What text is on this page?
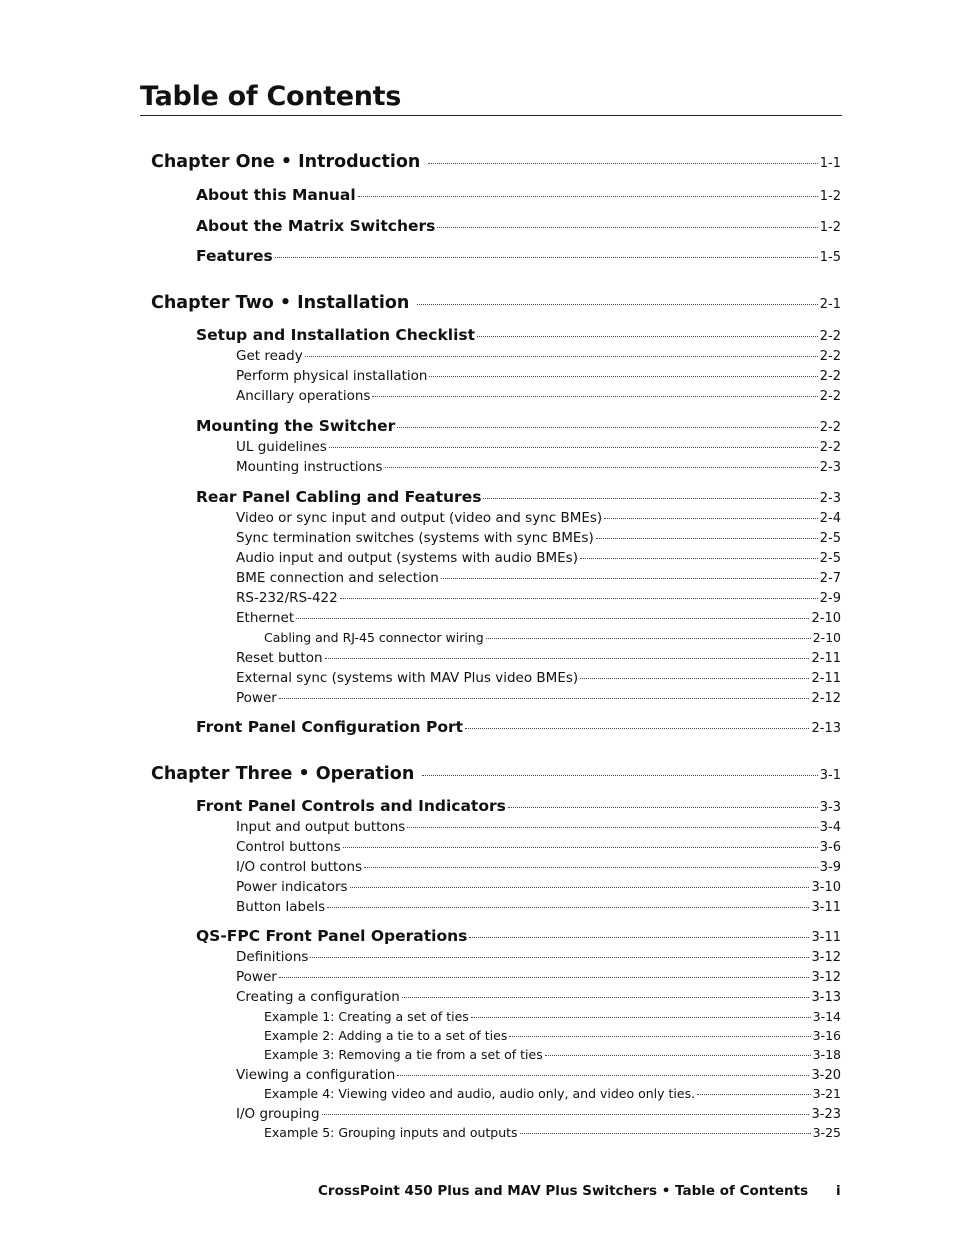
Table of Contents
Chapter One • Introduction	1-1
About this Manual	1-2
About the Matrix Switchers	1-2
Features	1-5
Chapter Two • Installation	2-1
Setup and Installation Checklist	2-2
Get ready	2-2
Perform physical installation	2-2
Ancillary operations	2-2
Mounting the Switcher	2-2
UL guidelines	2-2
Mounting instructions	2-3
Rear Panel Cabling and Features	2-3
Video or sync input and output (video and sync BMEs)	2-4
Sync termination switches (systems with sync BMEs)	2-5
Audio input and output (systems with audio BMEs)	2-5
BME connection and selection	2-7
RS-232/RS-422	2-9
Ethernet	2-10
Cabling and RJ-45 connector wiring	2-10
Reset button	2-11
External sync (systems with MAV Plus video BMEs)	2-11
Power	2-12
Front Panel Configuration Port	2-13
Chapter Three • Operation	3-1
Front Panel Controls and Indicators	3-3
Input and output buttons	3-4
Control buttons	3-6
I/O control buttons	3-9
Power indicators	3-10
Button labels	3-11
QS-FPC Front Panel Operations	3-11
Definitions	3-12
Power	3-12
Creating a configuration	3-13
Example 1: Creating a set of ties	3-14
Example 2: Adding a tie to a set of ties	3-16
Example 3: Removing a tie from a set of ties	3-18
Viewing a configuration	3-20
Example 4: Viewing video and audio, audio only, and video only ties.	3-21
I/O grouping	3-23
Example 5: Grouping inputs and outputs	3-25
CrossPoint 450 Plus and MAV Plus Switchers • Table of Contents i
